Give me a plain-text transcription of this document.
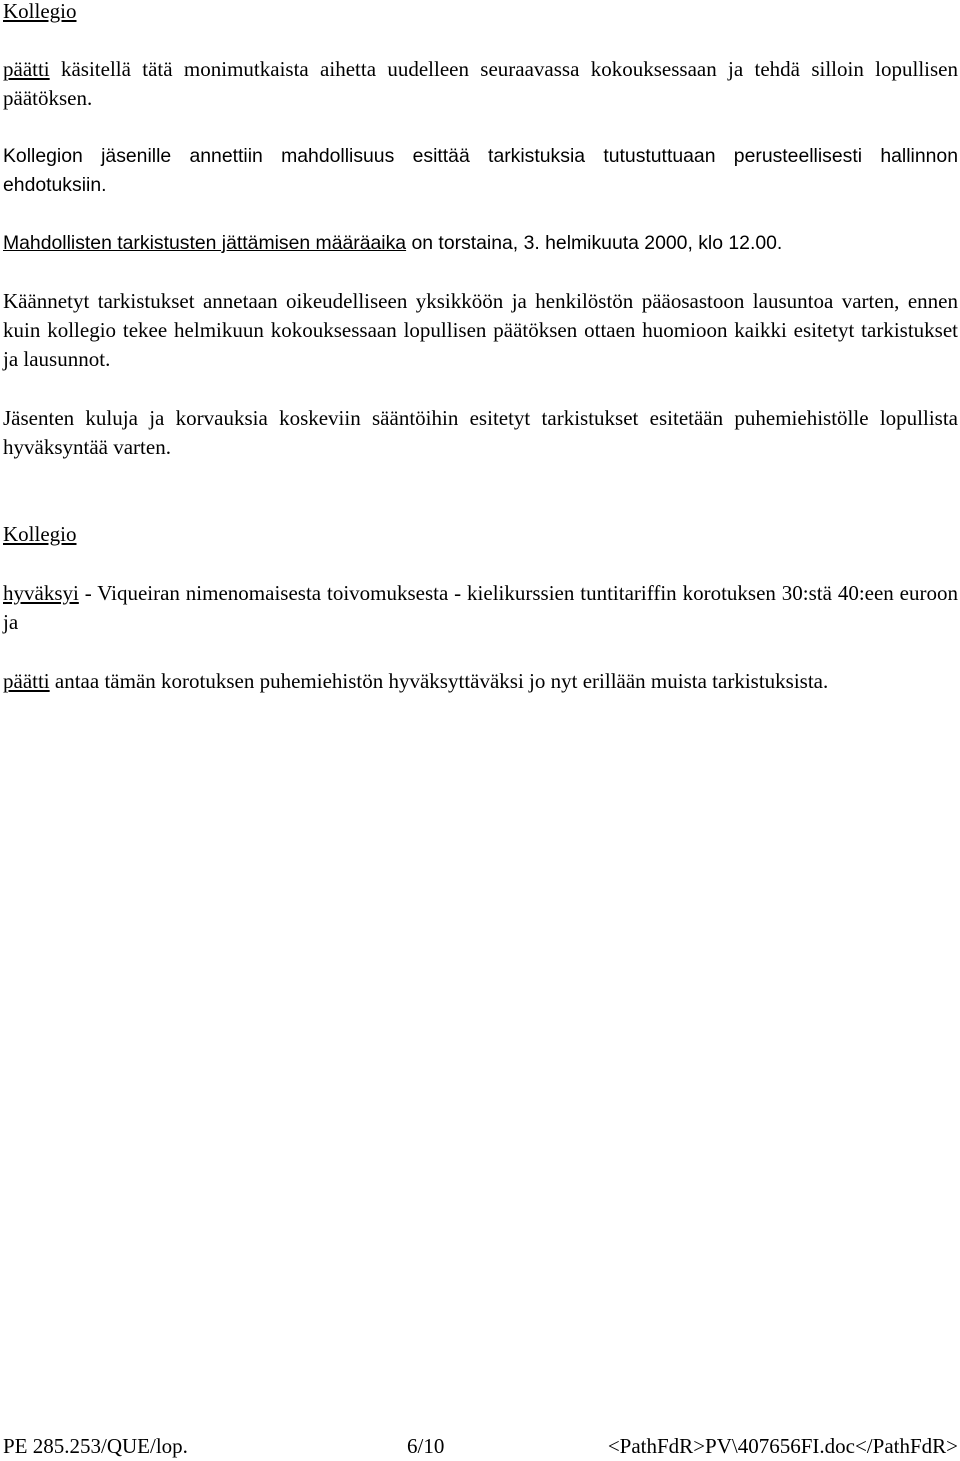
Kollegio

päätti käsitellä tätä monimutkaista aihetta uudelleen seuraavassa kokouksessaan ja tehdä silloin lopullisen päätöksen.

Kollegion jäsenille annettiin mahdollisuus esittää tarkistuksia tutustuttuaan perusteellisesti hallinnon ehdotuksiin.

Mahdollisten tarkistusten jättämisen määräaika on torstaina, 3. helmikuuta 2000, klo 12.00.

Käännetyt tarkistukset annetaan oikeudelliseen yksikköön ja henkilöstön pääosastoon lausuntoa varten, ennen kuin kollegio tekee helmikuun kokouksessaan lopullisen päätöksen ottaen huomioon kaikki esitetyt tarkistukset ja lausunnot.

Jäsenten kuluja ja korvauksia koskeviin sääntöihin esitetyt tarkistukset esitetään puhemiehistölle lopullista hyväksyntää varten.

Kollegio

hyväksyi - Viqueiran nimenomaisesta toivomuksesta - kielikurssien tuntitariffin korotuksen 30:stä 40:een euroon ja

päätti antaa tämän korotuksen puhemiehistön hyväksyttäväksi jo nyt erillään muista tarkistuksista.

PE 285.253/QUE/lop.	6/10	<PathFdR>PV\407656FI.doc</PathFdR>
